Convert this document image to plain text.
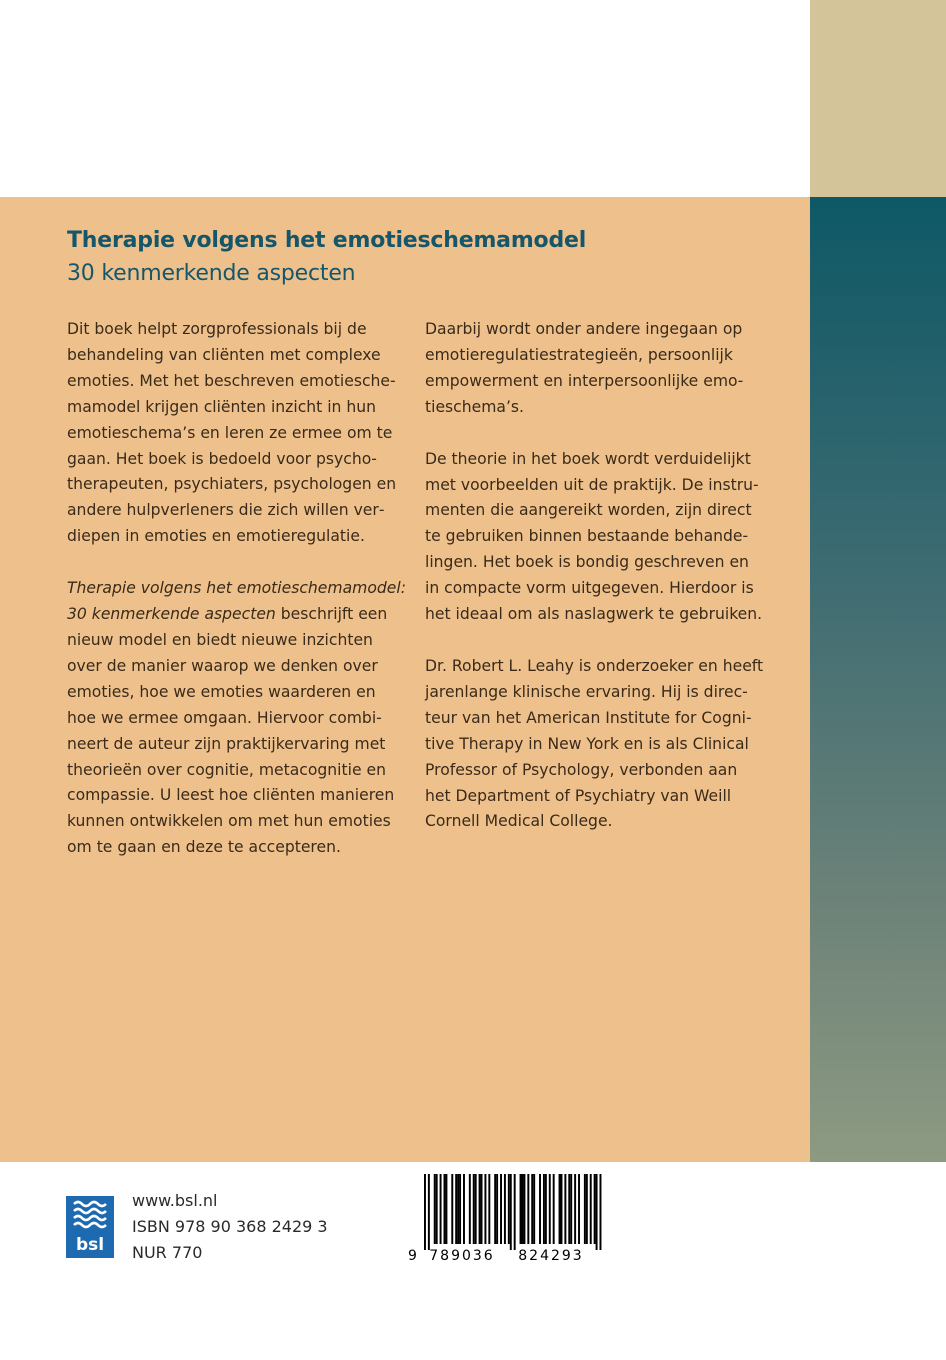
Therapie volgens het emotieschemamodel
30 kenmerkende aspecten

Dit boek helpt zorgprofessionals bij de behandeling van cliënten met complexe emoties. Met het beschreven emotieschemamodel krijgen cliënten inzicht in hun emotieschema’s en leren ze ermee om te gaan. Het boek is bedoeld voor psychotherapeuten, psychiaters, psychologen en andere hulpverleners die zich willen verdiepen in emoties en emotieregulatie.

Therapie volgens het emotieschemamodel: 30 kenmerkende aspecten beschrijft een nieuw model en biedt nieuwe inzichten over de manier waarop we denken over emoties, hoe we emoties waarderen en hoe we ermee omgaan. Hiervoor combineert de auteur zijn praktijkervaring met theorieën over cognitie, metacognitie en compassie. U leest hoe cliënten manieren kunnen ontwikkelen om met hun emoties om te gaan en deze te accepteren.

Daarbij wordt onder andere ingegaan op emotieregulatiestrategieën, persoonlijk empowerment en interpersoonlijke emotieschema’s.

De theorie in het boek wordt verduidelijkt met voorbeelden uit de praktijk. De instrumenten die aangereikt worden, zijn direct te gebruiken binnen bestaande behandelingen. Het boek is bondig geschreven en in compacte vorm uitgegeven. Hierdoor is het ideaal om als naslagwerk te gebruiken.

Dr. Robert L. Leahy is onderzoeker en heeft jarenlange klinische ervaring. Hij is directeur van het American Institute for Cognitive Therapy in New York en is als Clinical Professor of Psychology, verbonden aan het Department of Psychiatry van Weill Cornell Medical College.

bsl
www.bsl.nl
ISBN 978 90 368 2429 3
NUR 770	9 789036 824293
